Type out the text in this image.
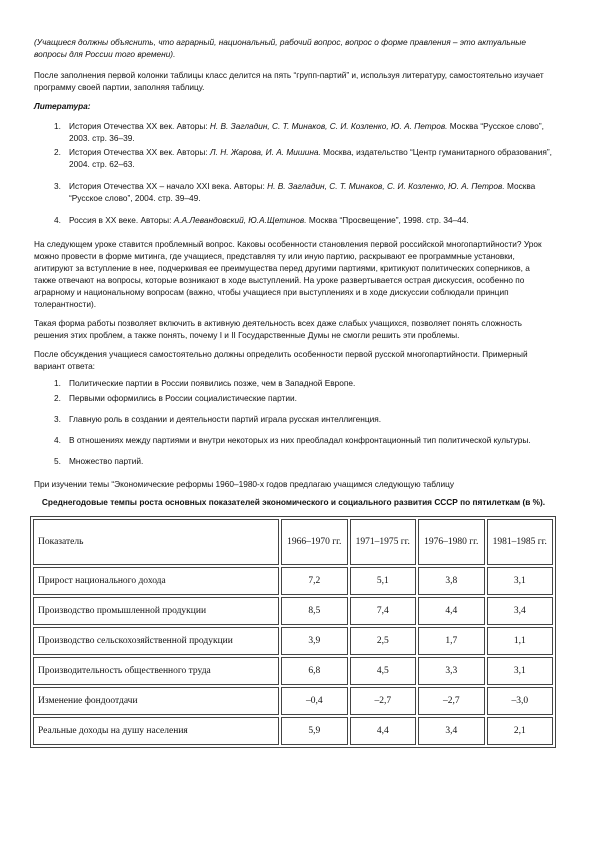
(Учащиеся должны объяснить, что аграрный, национальный, рабочий вопрос, вопрос о форме правления – это актуальные вопросы для России того времени).

После заполнения первой колонки таблицы класс делится на пять “групп-партий” и, используя литературу, самостоятельно изучает программу своей партии, заполняя таблицу.

Литература:

1. История Отечества ХХ век. Авторы: Н. В. Загладин, С. Т. Минаков, С. И. Козленко, Ю. А. Петров. Москва “Русское слово”, 2003. стр. 36–39.
2. История Отечества ХХ век. Авторы: Л. Н. Жарова, И. А. Мишина. Москва, издательство “Центр гуманитарного образования”, 2004. стр. 62–63.
3. История Отечества ХХ – начало XXI века. Авторы: Н. В. Загладин, С. Т. Минаков, С. И. Козленко, Ю. А. Петров. Москва “Русское слово”, 2004. стр. 39–49.
4. Россия в ХХ веке. Авторы: А.А.Левандовский, Ю.А.Щетинов. Москва “Просвещение”, 1998. стр. 34–44.

На следующем уроке ставится проблемный вопрос. Каковы особенности становления первой российской многопартийности? Урок можно провести в форме митинга, где учащиеся, представляя ту или иную партию, раскрывают ее программные установки, агитируют за вступление в нее, подчеркивая ее преимущества перед другими партиями, критикуют политических соперников, а также отвечают на вопросы, которые возникают в ходе выступлений. На уроке развертывается острая дискуссия, особенно по аграрному и национальному вопросам (важно, чтобы учащиеся при выступлениях и в ходе дискуссии соблюдали принцип толерантности).

Такая форма работы позволяет включить в активную деятельность всех даже слабых учащихся, позволяет понять сложность решения этих проблем, а также понять, почему I и II Государственные Думы не смогли решить эти проблемы.

После обсуждения учащиеся самостоятельно должны определить особенности первой русской многопартийности. Примерный вариант ответа:

1. Политические партии в России появились позже, чем в Западной Европе.
2. Первыми оформились в России социалистические партии.
3. Главную роль в создании и деятельности партий играла русская интеллигенция.
4. В отношениях между партиями и внутри некоторых из них преобладал конфронтационный тип политической культуры.
5. Множество партий.

При изучении темы “Экономические реформы 1960–1980-х годов предлагаю учащимся следующую таблицу

Среднегодовые темпы роста основных показателей экономического и социального развития СССР по пятилеткам (в %).

Показатель	1966–1970 гг.	1971–1975 гг.	1976–1980 гг.	1981–1985 гг.
Прирост национального дохода	7,2	5,1	3,8	3,1
Производство промышленной продукции	8,5	7,4	4,4	3,4
Производство сельскохозяйственной продукции	3,9	2,5	1,7	1,1
Производительность общественного труда	6,8	4,5	3,3	3,1
Изменение фондоотдачи	–0,4	–2,7	–2,7	–3,0
Реальные доходы на душу населения	5,9	4,4	3,4	2,1
